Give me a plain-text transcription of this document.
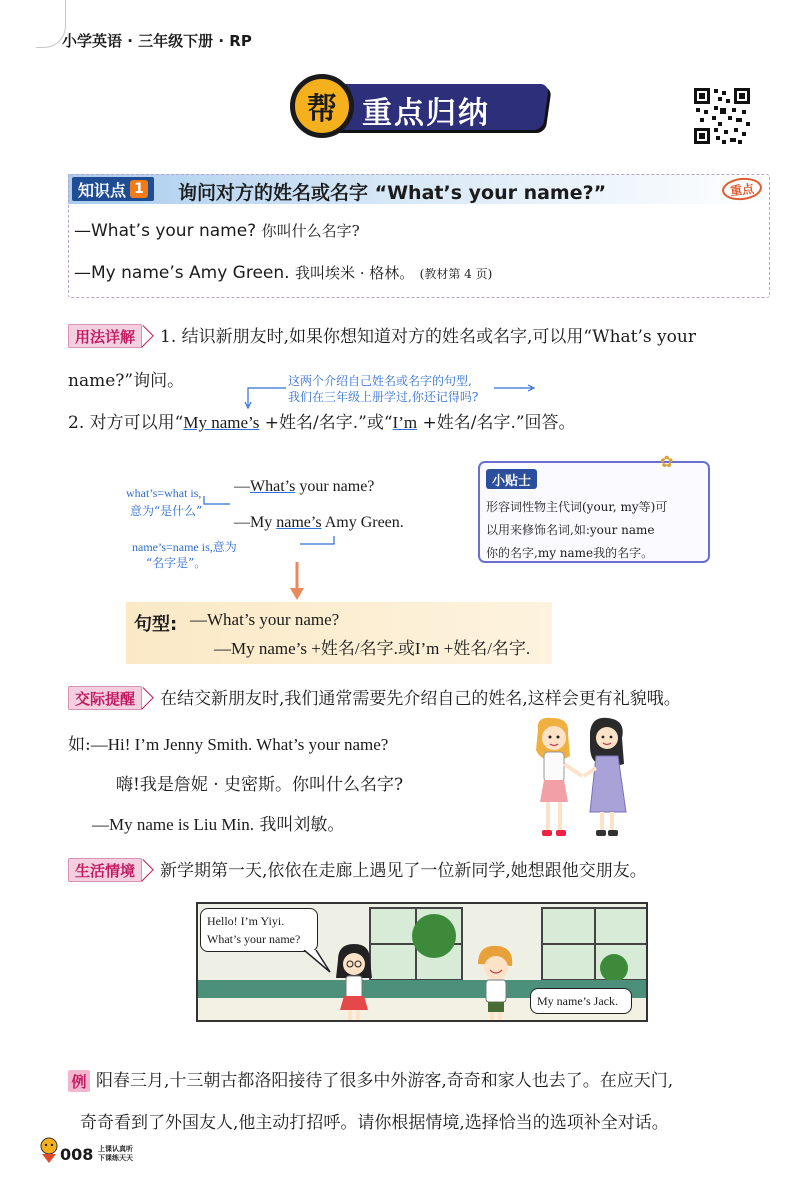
小学英语 · 三年级下册 · RP
重点归纳
帮
知识点 1 询问对方的姓名或名字 “What’s your name?”	重点
—What’s your name? 你叫什么名字?
—My name’s Amy Green. 我叫埃米 · 格林。 (教材第 4 页)
用法详解	1. 结识新朋友时,如果你想知道对方的姓名或名字,可以用“What’s your
name?”询问。	这两个介绍自己姓名或名字的句型,
我们在三年级上册学过,你还记得吗?
2. 对方可以用“My name’s +姓名/名字.”或“I’m +姓名/名字.”回答。
what’s=what is,
意为“是什么”
—What’s your name?
—My name’s Amy Green.
name’s=name is,意为
“名字是”。
小贴士
✿
形容词性物主代词(your, my等)可
以用来修饰名词,如:your name
你的名字,my name我的名字。
句型: —What’s your name?
—My name’s +姓名/名字.或I’m +姓名/名字.
交际提醒	在结交新朋友时,我们通常需要先介绍自己的姓名,这样会更有礼貌哦。
如:—Hi! I’m Jenny Smith. What’s your name?
嗨!我是詹妮 · 史密斯。你叫什么名字?
—My name is Liu Min. 我叫刘敏。
生活情境	新学期第一天,依依在走廊上遇见了一位新同学,她想跟他交朋友。
Hello! I’m Yiyi.
What’s your name?
My name’s Jack.
例 阳春三月,十三朝古都洛阳接待了很多中外游客,奇奇和家人也去了。在应天门,
奇奇看到了外国友人,他主动打招呼。请你根据情境,选择恰当的选项补全对话。
008 上课认真听
下课练天天
